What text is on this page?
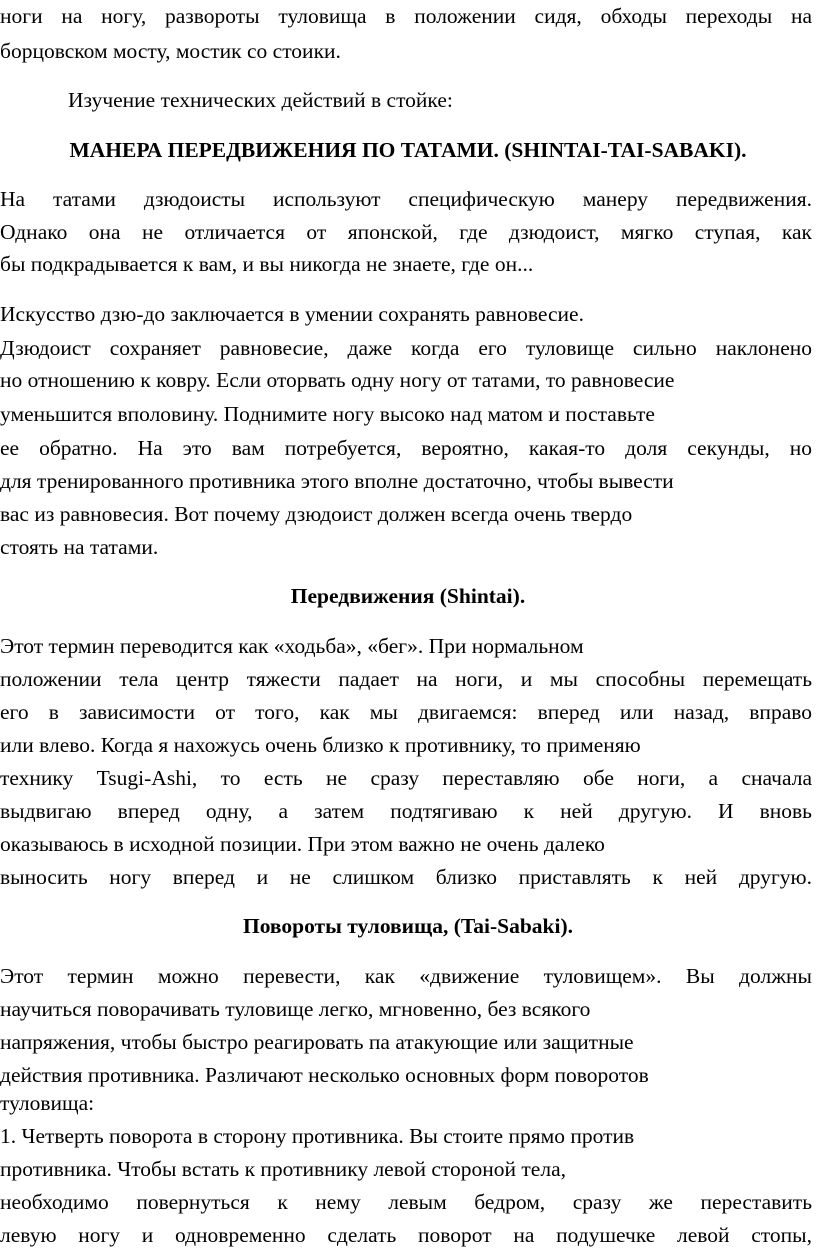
ноги на ногу, развороты туловища в положении сидя, обходы переходы на
борцовском мосту, мостик со стоики.
Изучение технических действий в стойке:
МАНЕРА ПЕРЕДВИЖЕНИЯ ПО ТАТАМИ. (SHINTAI-TAI-SABAKI).
На татами дзюдоисты используют специфическую манеру передвижения.
Однако она не отличается от японской, где дзюдоист, мягко ступая, как
бы подкрадывается к вам, и вы никогда не знаете, где он...
Искусство дзю-до заключается в умении сохранять равновесие.
Дзюдоист сохраняет равновесие, даже когда его туловище сильно наклонено
но отношению к ковру. Если оторвать одну ногу от татами, то равновесие
уменьшится вполовину. Поднимите ногу высоко над матом и поставьте
ее обратно. На это вам потребуется, вероятно, какая-то доля секунды, но
для тренированного противника этого вполне достаточно, чтобы вывести
вас из равновесия. Вот почему дзюдоист должен всегда очень твердо
стоять на татами.
Передвижения (Shintai).
Этот термин переводится как «ходьба», «бег». При нормальном
положении тела центр тяжести падает на ноги, и мы способны перемещать
его в зависимости от того, как мы двигаемся: вперед или назад, вправо
или влево. Когда я нахожусь очень близко к противнику, то применяю
технику Tsugi-Ashi, то есть не сразу переставляю обе ноги, а сначала
выдвигаю вперед одну, а затем подтягиваю к ней другую. И вновь
оказываюсь в исходной позиции. При этом важно не очень далеко
выносить ногу вперед и не слишком близко приставлять к ней другую.
Повороты туловища, (Tai-Sabaki).
Этот термин можно перевести, как «движение туловищем». Вы должны
научиться поворачивать туловище легко, мгновенно, без всякого
напряжения, чтобы быстро реагировать па атакующие или защитные
действия противника. Различают несколько основных форм поворотов
туловища:
1. Четверть поворота в сторону противника. Вы стоите прямо против
противника. Чтобы встать к противнику левой стороной тела,
необходимо повернуться к нему левым бедром, сразу же переставить
левую ногу и одновременно сделать поворот на подушечке левой стопы,
